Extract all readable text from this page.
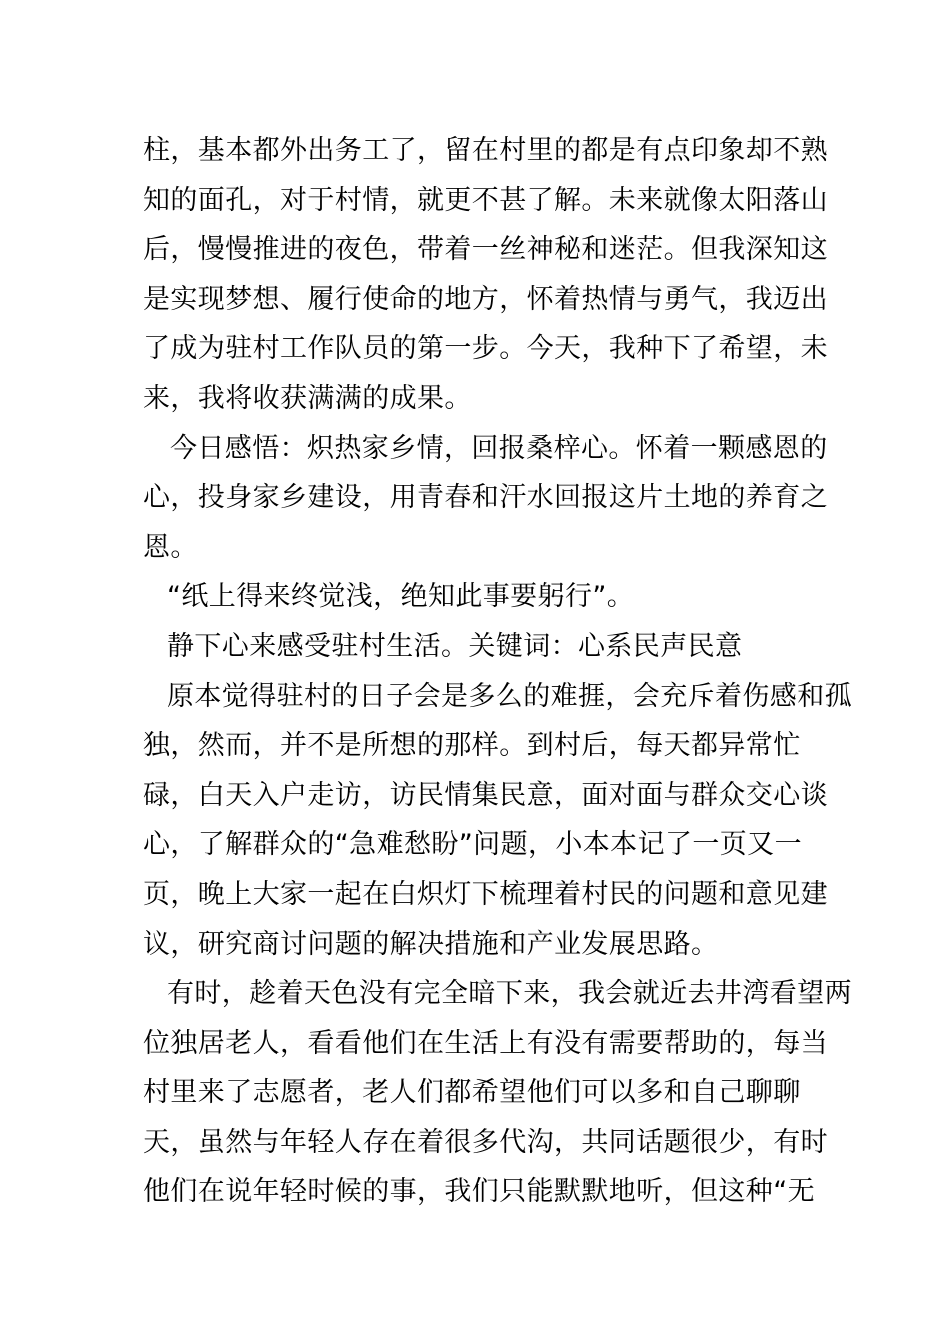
柱，基本都外出务工了，留在村里的都是有点印象却不熟
知的面孔，对于村情，就更不甚了解。未来就像太阳落山
后，慢慢推进的夜色，带着一丝神秘和迷茫。但我深知这
是实现梦想、履行使命的地方，怀着热情与勇气，我迈出
了成为驻村工作队员的第一步。今天，我种下了希望，未
来，我将收获满满的成果。
今日感悟：炽热家乡情，回报桑梓心。怀着一颗感恩的
心，投身家乡建设，用青春和汗水回报这片土地的养育之
恩。
“纸上得来终觉浅，绝知此事要躬行”。
静下心来感受驻村生活。关键词：心系民声民意
原本觉得驻村的日子会是多么的难捱，会充斥着伤感和孤
独，然而，并不是所想的那样。到村后，每天都异常忙
碌，白天入户走访，访民情集民意，面对面与群众交心谈
心，了解群众的“急难愁盼”问题，小本本记了一页又一
页，晚上大家一起在白炽灯下梳理着村民的问题和意见建
议，研究商讨问题的解决措施和产业发展思路。
有时，趁着天色没有完全暗下来，我会就近去井湾看望两
位独居老人，看看他们在生活上有没有需要帮助的，每当
村里来了志愿者，老人们都希望他们可以多和自己聊聊
天，虽然与年轻人存在着很多代沟，共同话题很少，有时
他们在说年轻时候的事，我们只能默默地听，但这种“无
